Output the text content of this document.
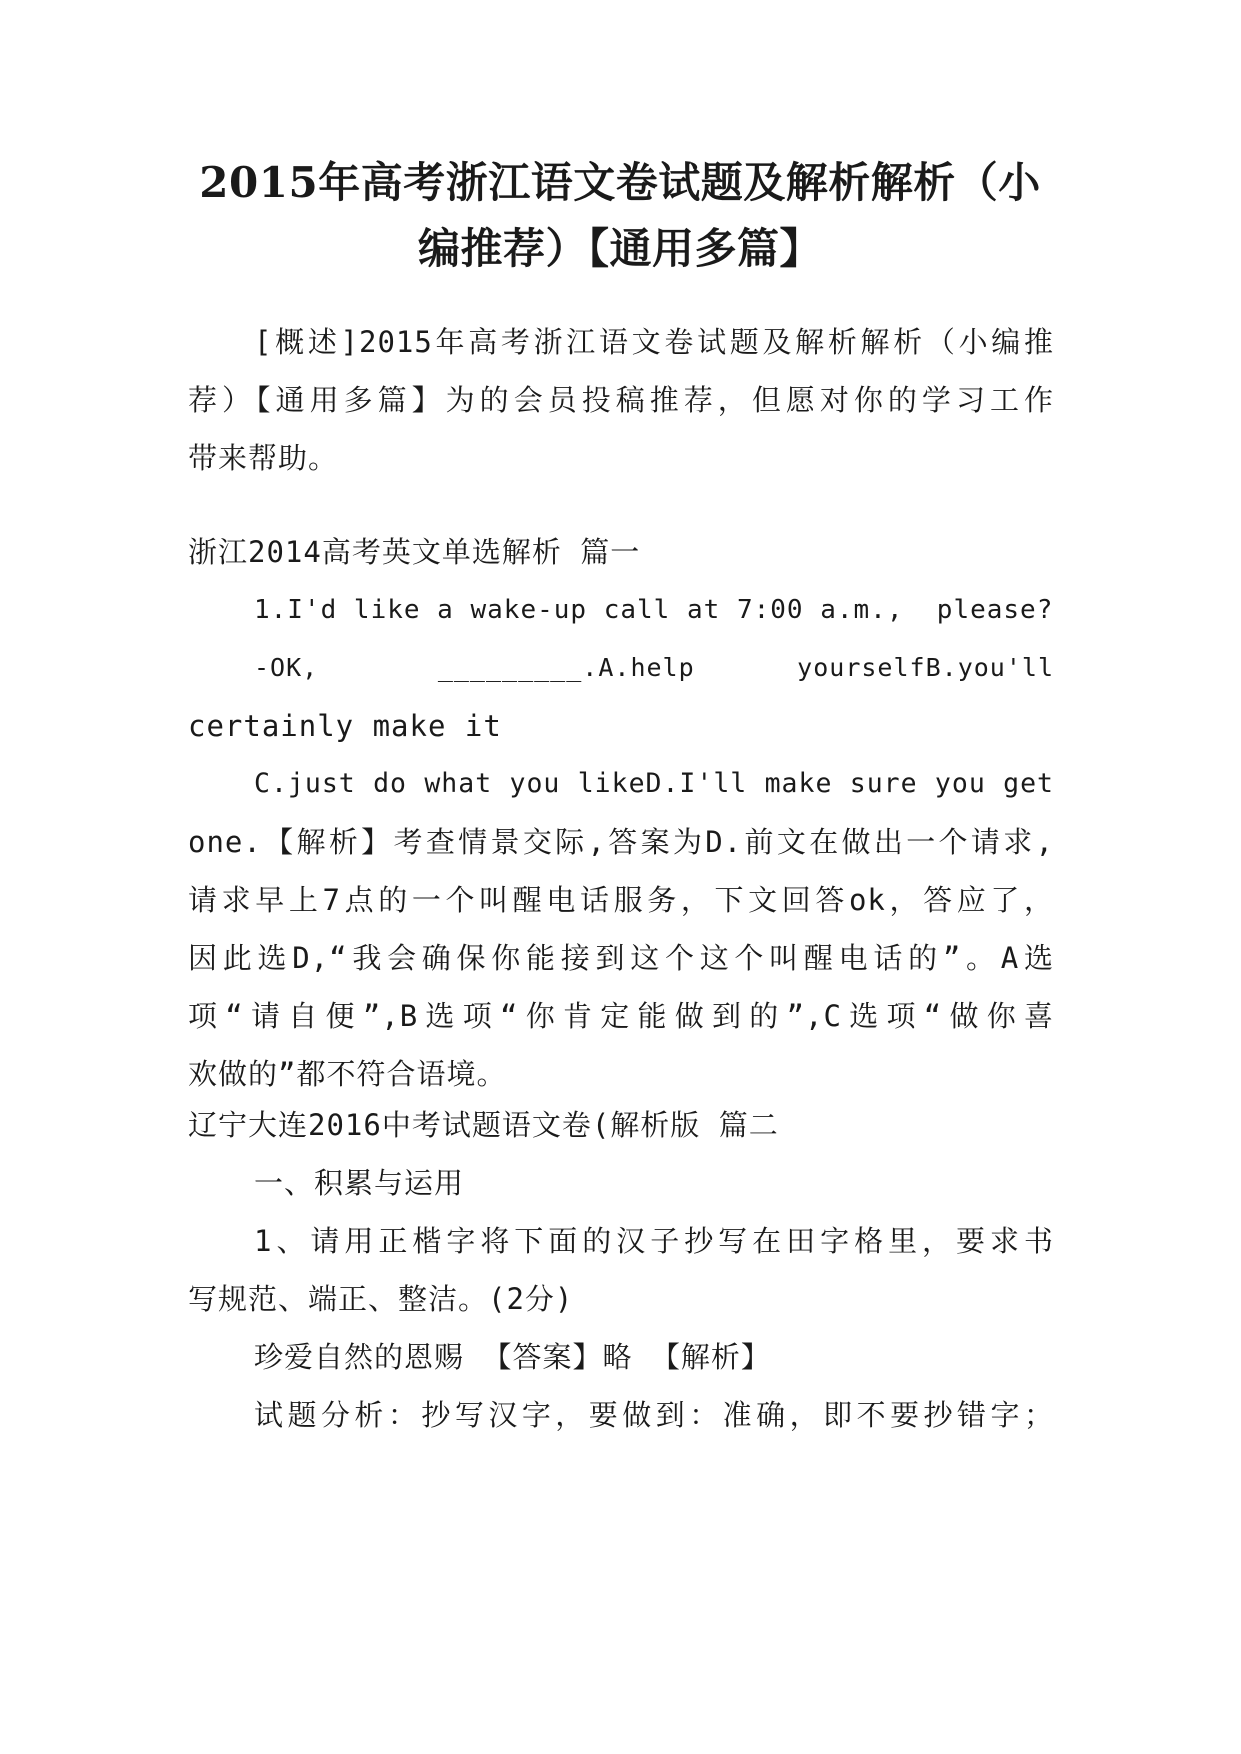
2015年高考浙江语文卷试题及解析解析（小
编推荐）【通用多篇】
[概述]2015年高考浙江语文卷试题及解析解析（小编推
荐）【通用多篇】为的会员投稿推荐，但愿对你的学习工作
带来帮助。
浙江2014高考英文单选解析 篇一
1.I'd like a wake-up call at 7:00 a.m.,  please?
-OK,       _________.A.help      yourselfB.you'll
certainly make it
C.just do what you likeD.I'll make sure you get
one.【解析】考查情景交际,答案为D.前文在做出一个请求,
请求早上7点的一个叫醒电话服务，下文回答ok，答应了，
因此选D,“我会确保你能接到这个这个叫醒电话的”。A选
项“请自便”,B选项“你肯定能做到的”,C选项“做你喜
欢做的”都不符合语境。
辽宁大连2016中考试题语文卷(解析版 篇二
一、积累与运用
1、请用正楷字将下面的汉子抄写在田字格里，要求书
写规范、端正、整洁。(2分)
珍爱自然的恩赐 【答案】略 【解析】
试题分析：抄写汉字，要做到：准确，即不要抄错字；
